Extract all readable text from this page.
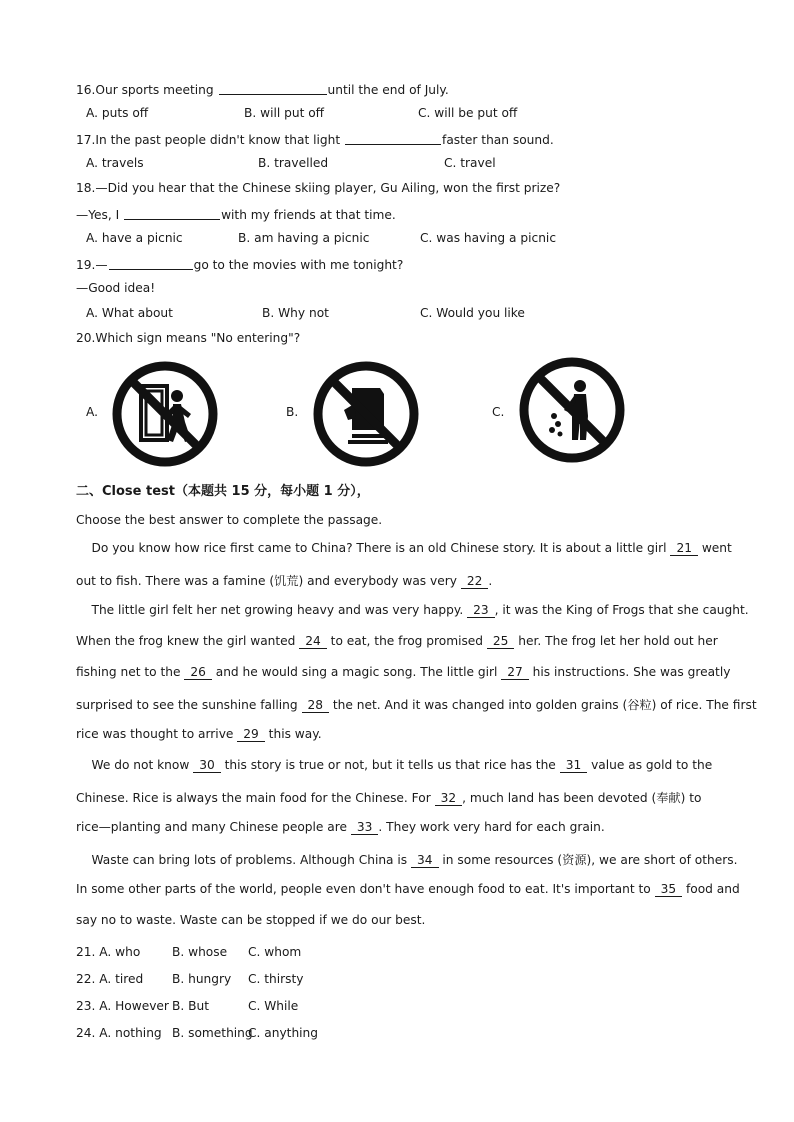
16.Our sports meeting	until the end of July.
A. puts off	B. will put off	C. will be put off
17.In the past people didn't know that light	faster than sound.
A. travels	B. travelled	C. travel
18.—Did you hear that the Chinese skiing player, Gu Ailing, won the first prize?
—Yes, I	with my friends at that time.
A. have a picnic	B. am having a picnic	C. was having a picnic
19.—	go to the movies with me tonight?
—Good idea!
A. What about	B. Why not	C. Would you like
20.Which sign means "No entering"?
A.	B.	C.
二、Close test（本题共 15 分，每小题 1 分），
Choose the best answer to complete the passage.
Do you know how rice first came to China? There is an old Chinese story. It is about a little girl 21 went
out to fish. There was a famine (饥荒) and everybody was very 22 .
The little girl felt her net growing heavy and was very happy. 23 , it was the King of Frogs that she caught.
When the frog knew the girl wanted 24 to eat, the frog promised 25 her. The frog let her hold out her
fishing net to the 26 and he would sing a magic song. The little girl 27 his instructions. She was greatly
surprised to see the sunshine falling 28 the net. And it was changed into golden grains (谷粒) of rice. The first
rice was thought to arrive 29 this way.
We do not know 30 this story is true or not, but it tells us that rice has the 31 value as gold to the
Chinese. Rice is always the main food for the Chinese. For 32 , much land has been devoted (奉献) to
rice—planting and many Chinese people are 33 . They work very hard for each grain.
Waste can bring lots of problems. Although China is 34 in some resources (资源), we are short of others.
In some other parts of the world, people even don't have enough food to eat. It's important to 35 food and
say no to waste. Waste can be stopped if we do our best.
21. A. who	B. whose C. whom
22. A. tired B. hungry C. thirsty
23. A. However B. But	C. While
24. A. nothing B. something
C. anything
